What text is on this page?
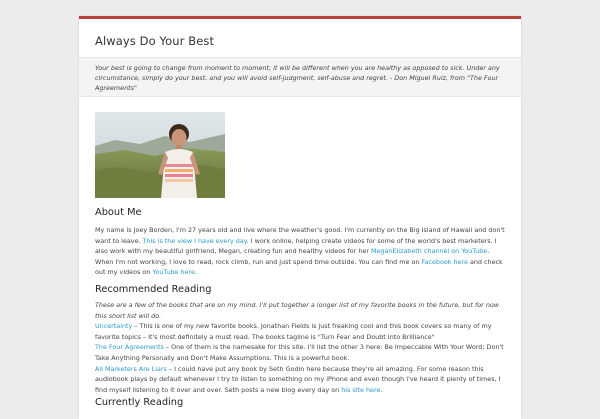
Always Do Your Best
Your best is going to change from moment to moment; it will be different when you are healthy as opposed to sick. Under any circumstance, simply do your best, and you will avoid self-judgment, self-abuse and regret. - Don Miguel Ruiz, from "The Four Agreements"
About Me

My name is Joey Borden, I'm 27 years old and live where the weather's good. I'm currently on the Big Island of Hawaii and don't want to leave. This is the view I have every day. I work online, helping create videos for some of the world's best marketers. I also work with my beautiful girlfriend, Megan, creating fun and healthy videos for her MeganElizabeth channel on YouTube. When I'm not working, I love to read, rock climb, run and just spend time outside. You can find me on Facebook here and check out my videos on YouTube here.

Recommended Reading

These are a few of the books that are on my mind. I'll put together a longer list of my favorite books in the future, but for now this short list will do.
Uncertainty – This is one of my new favorite books. Jonathan Fields is just freaking cool and this book covers so many of my favorite topics – it's most definitely a must read. The books tagline is "Turn Fear and Doubt Into Brilliance"
The Four Agreements – One of them is the namesake for this site. I'll list the other 3 here: Be Impeccable With Your Word; Don't Take Anything Personally and Don't Make Assumptions. This is a powerful book.
All Marketers Are Liars – I could have put any book by Seth Godin here because they're all amazing. For some reason this audiobook plays by default whenever I try to listen to something on my iPhone and even though I've heard it plenty of times, I find myself listening to it over and over. Seth posts a new blog every day on his site here.

Currently Reading
